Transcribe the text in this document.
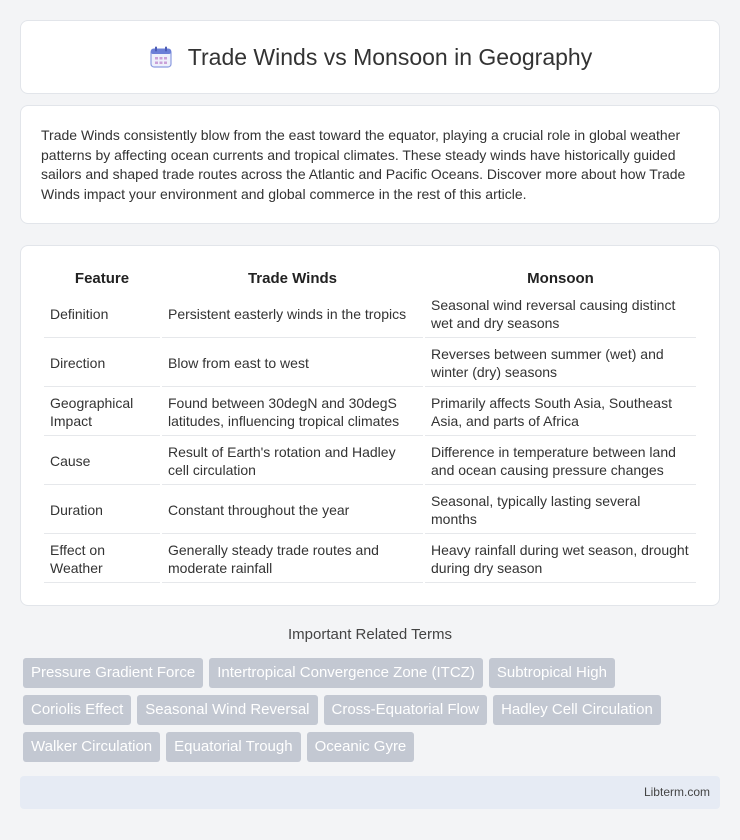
Trade Winds vs Monsoon in Geography

Trade Winds consistently blow from the east toward the equator, playing a crucial role in global weather patterns by affecting ocean currents and tropical climates. These steady winds have historically guided sailors and shaped trade routes across the Atlantic and Pacific Oceans. Discover more about how Trade Winds impact your environment and global commerce in the rest of this article.

Feature	Trade Winds	Monsoon
Definition	Persistent easterly winds in the tropics	Seasonal wind reversal causing distinct wet and dry seasons
Direction	Blow from east to west	Reverses between summer (wet) and winter (dry) seasons
Geographical Impact	Found between 30degN and 30degS latitudes, influencing tropical climates	Primarily affects South Asia, Southeast Asia, and parts of Africa
Cause	Result of Earth's rotation and Hadley cell circulation	Difference in temperature between land and ocean causing pressure changes
Duration	Constant throughout the year	Seasonal, typically lasting several months
Effect on Weather	Generally steady trade routes and moderate rainfall	Heavy rainfall during wet season, drought during dry season
Important Related Terms
Pressure Gradient Force	Intertropical Convergence Zone (ITCZ)	Subtropical High
Coriolis Effect	Seasonal Wind Reversal	Cross-Equatorial Flow	Hadley Cell Circulation
Walker Circulation	Equatorial Trough	Oceanic Gyre
Libterm.com
